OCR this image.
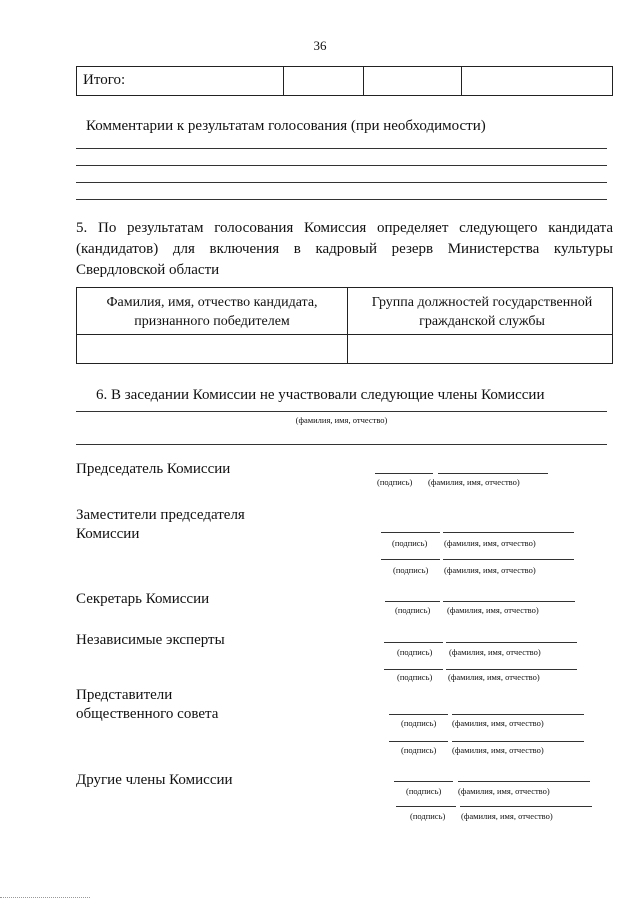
36
Итого:
Комментарии к результатам голосования (при необходимости)
5. По результатам голосования Комиссия определяет следующего кандидата
(кандидатов) для включения в кадровый резерв Министерства культуры
Свердловской области
Фамилия, имя, отчество кандидата, признанного победителем
Группа должностей государственной гражданской службы
6. В заседании Комиссии не участвовали следующие члены Комиссии
(фамилия, имя, отчество)
Председатель Комиссии
Заместители председателя
Комиссии
Секретарь Комиссии
Независимые эксперты
Представители
общественного совета
Другие члены Комиссии
(подпись) (фамилия, имя, отчество)
(подпись) (фамилия, имя, отчество)
(подпись) (фамилия, имя, отчество)
(подпись) (фамилия, имя, отчество)
(подпись) (фамилия, имя, отчество)
(подпись) (фамилия, имя, отчество)
(подпись) (фамилия, имя, отчество)
(подпись) (фамилия, имя, отчество)
(подпись) (фамилия, имя, отчество)
(подпись) (фамилия, имя, отчество)
